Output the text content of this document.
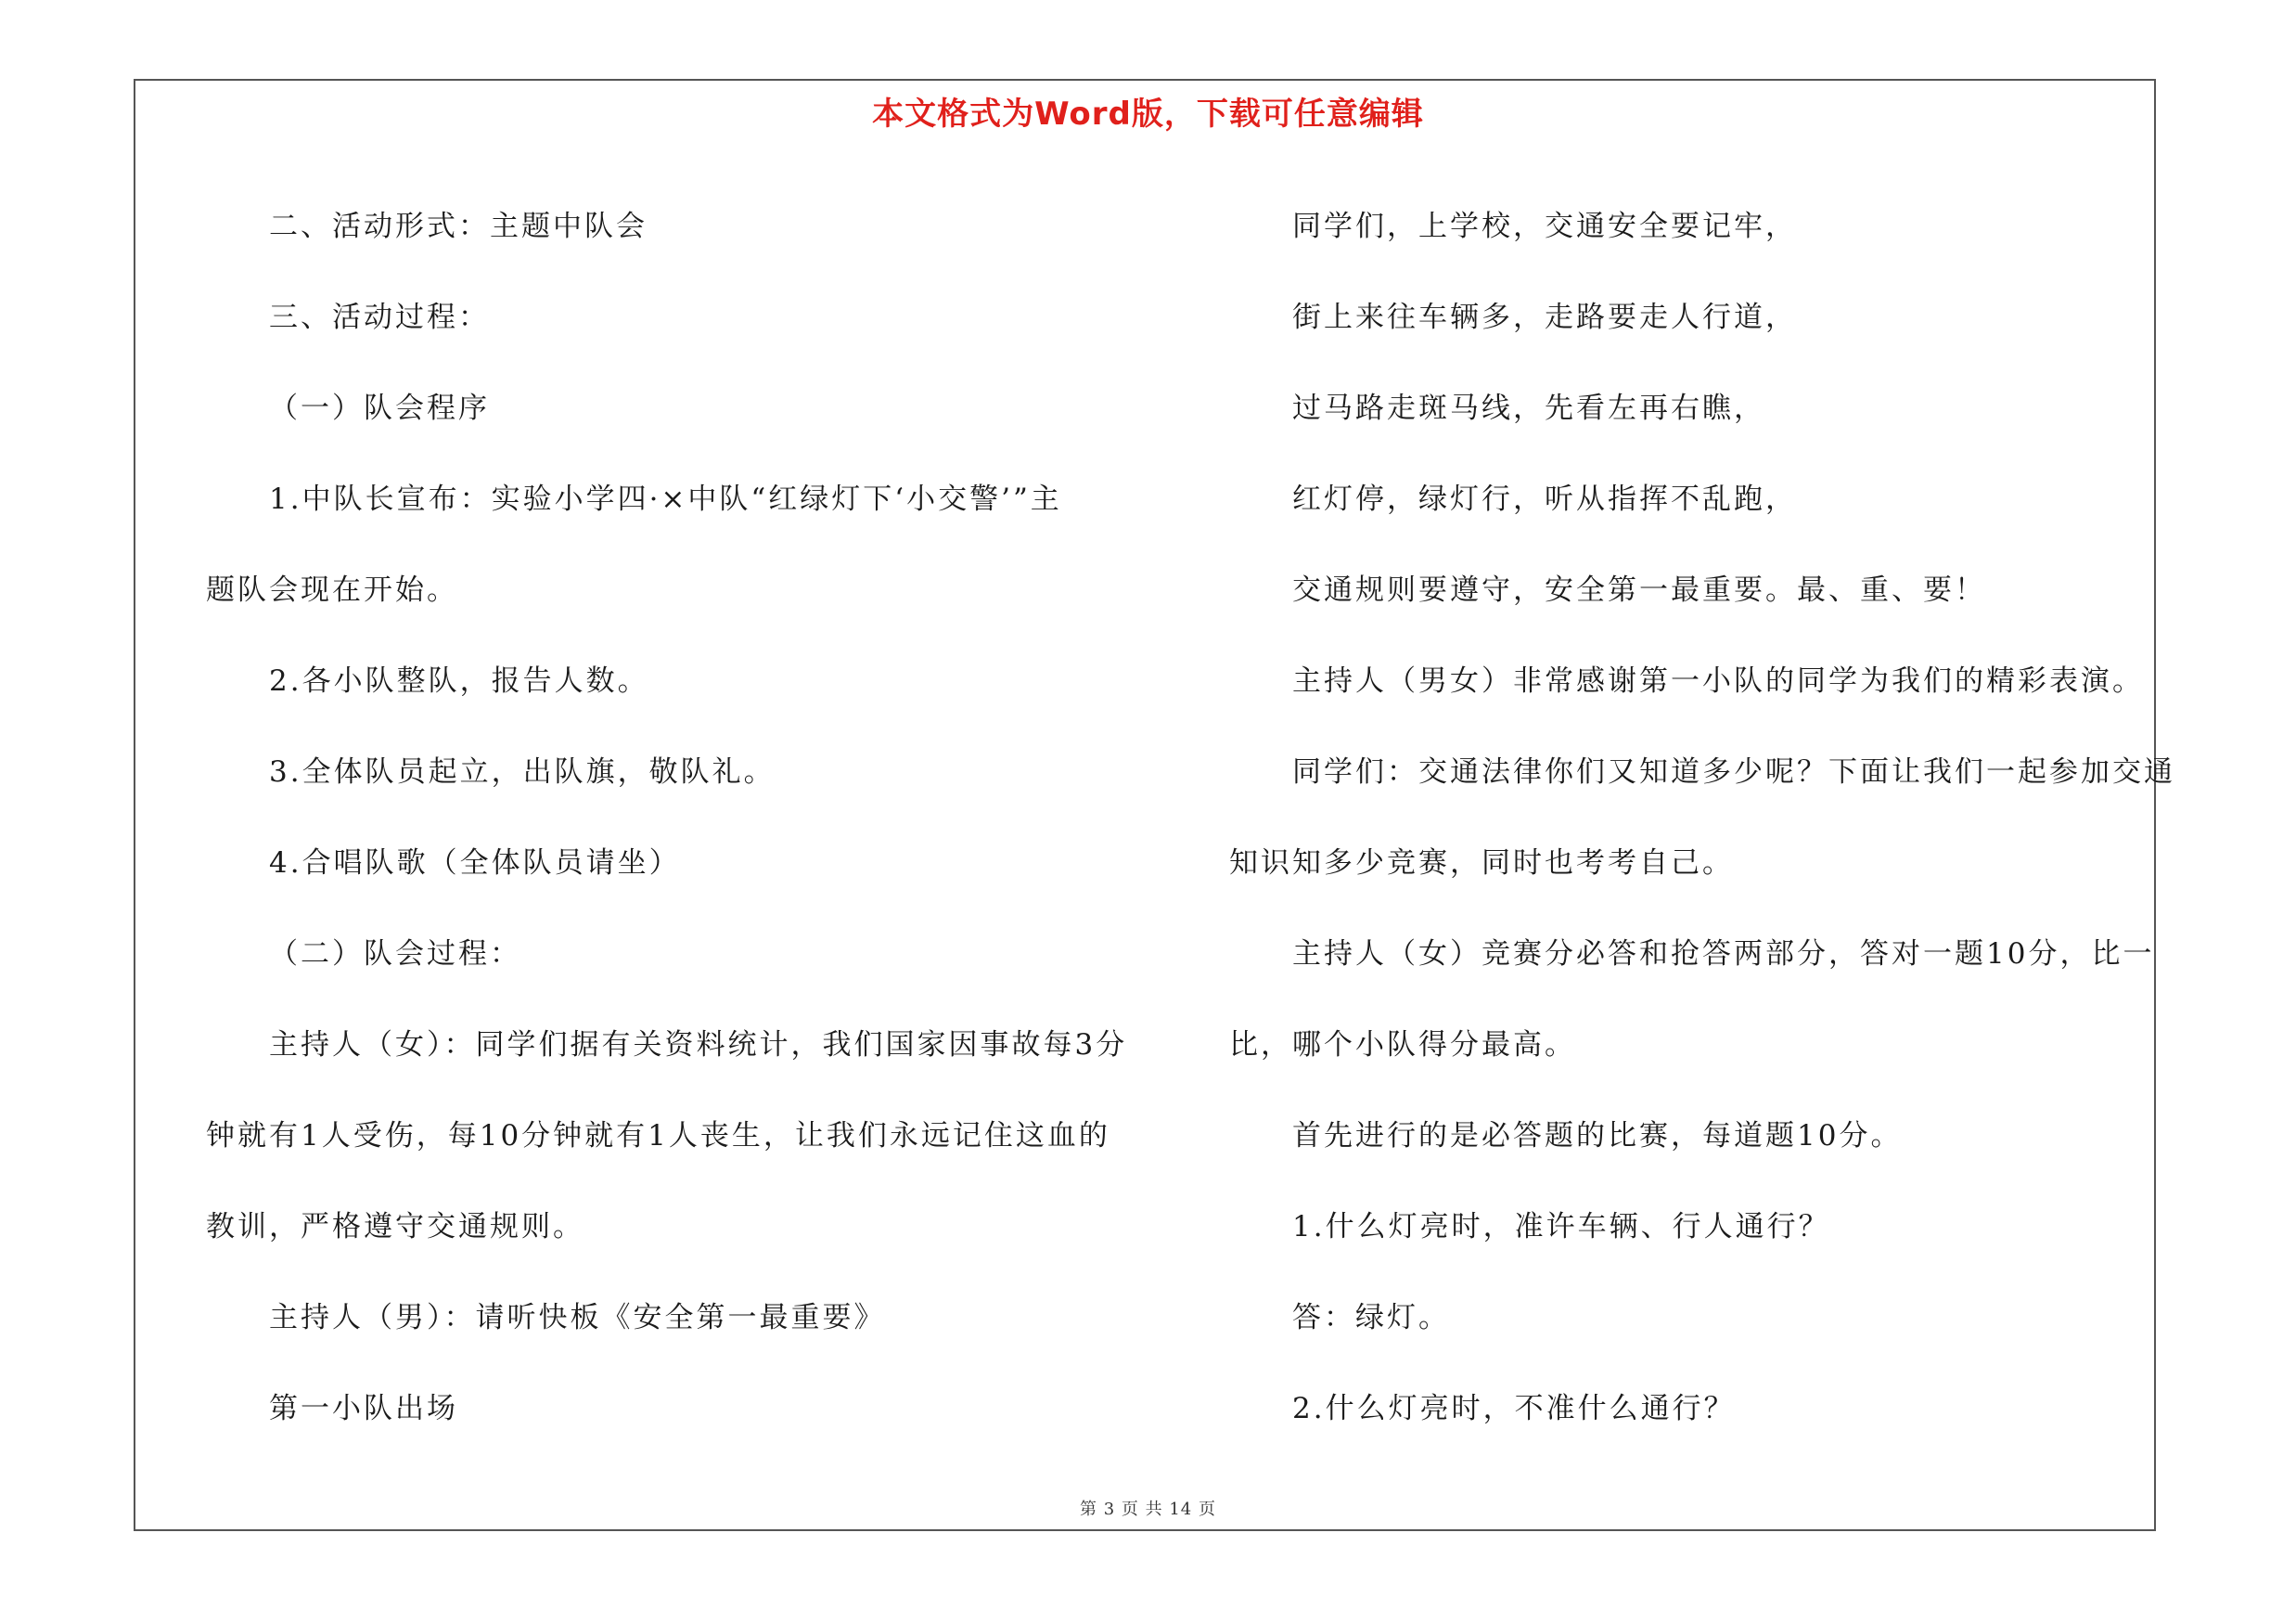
本文格式为Word版，下载可任意编辑
二、活动形式：主题中队会
三、活动过程：
（一）队会程序
1.中队长宣布：实验小学四·×中队“红绿灯下‘小交警’”主
题队会现在开始。
2.各小队整队，报告人数。
3.全体队员起立，出队旗，敬队礼。
4.合唱队歌（全体队员请坐）
（二）队会过程：
主持人（女）：同学们据有关资料统计，我们国家因事故每3分
钟就有1人受伤，每10分钟就有1人丧生，让我们永远记住这血的
教训，严格遵守交通规则。
主持人（男）：请听快板《安全第一最重要》
第一小队出场
同学们，上学校，交通安全要记牢，
街上来往车辆多，走路要走人行道，
过马路走斑马线，先看左再右瞧，
红灯停，绿灯行，听从指挥不乱跑，
交通规则要遵守，安全第一最重要。最、重、要！
主持人（男女）非常感谢第一小队的同学为我们的精彩表演。
同学们：交通法律你们又知道多少呢？下面让我们一起参加交通
知识知多少竞赛，同时也考考自己。
主持人（女）竞赛分必答和抢答两部分，答对一题10分，比一
比，哪个小队得分最高。
首先进行的是必答题的比赛，每道题10分。
1.什么灯亮时，准许车辆、行人通行？
答：绿灯。
2.什么灯亮时，不准什么通行？
第 3 页 共 14 页
